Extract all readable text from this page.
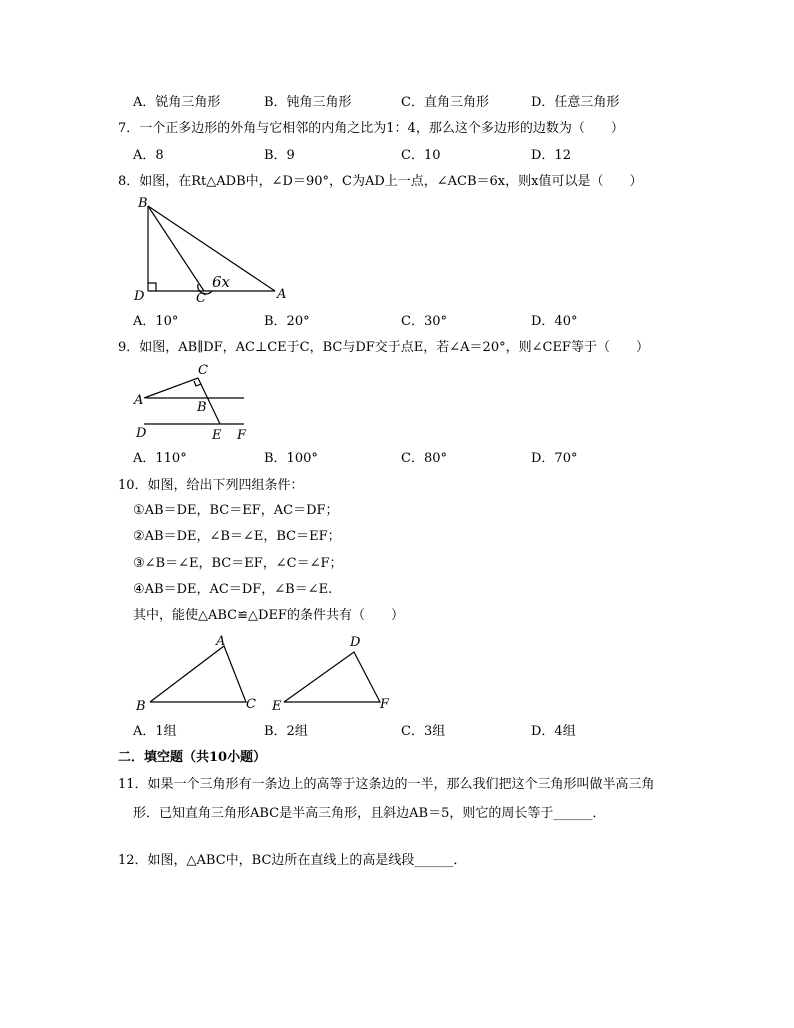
A．锐角三角形	B．钝角三角形	C．直角三角形	D．任意三角形
7．一个正多边形的外角与它相邻的内角之比为1：4，那么这个多边形的边数为（　　）
A．8	B．9	C．10	D．12
8．如图，在Rt△ADB中，∠D＝90°，C为AD上一点，∠ACB＝6x，则x值可以是（　　）
B
D	C	A
6x
A．10°	B．20°	C．30°	D．40°
9．如图，AB∥DF，AC⊥CE于C，BC与DF交于点E，若∠A＝20°，则∠CEF等于（　　）
C
A	B
D	E F
A．110°	B．100°	C．80°	D．70°
10．如图，给出下列四组条件：
①AB＝DE，BC＝EF，AC＝DF；
②AB＝DE，∠B＝∠E，BC＝EF；
③∠B＝∠E，BC＝EF，∠C＝∠F；
④AB＝DE，AC＝DF，∠B＝∠E.
其中，能使△ABC≌△DEF的条件共有（　　）
A
B	C
D
E	F
A．1组	B．2组	C．3组	D．4组
二．填空题（共10小题）
11．如果一个三角形有一条边上的高等于这条边的一半，那么我们把这个三角形叫做半高三角
形．已知直角三角形ABC是半高三角形，且斜边AB＝5，则它的周长等于______．
12．如图，△ABC中，BC边所在直线上的高是线段______．
